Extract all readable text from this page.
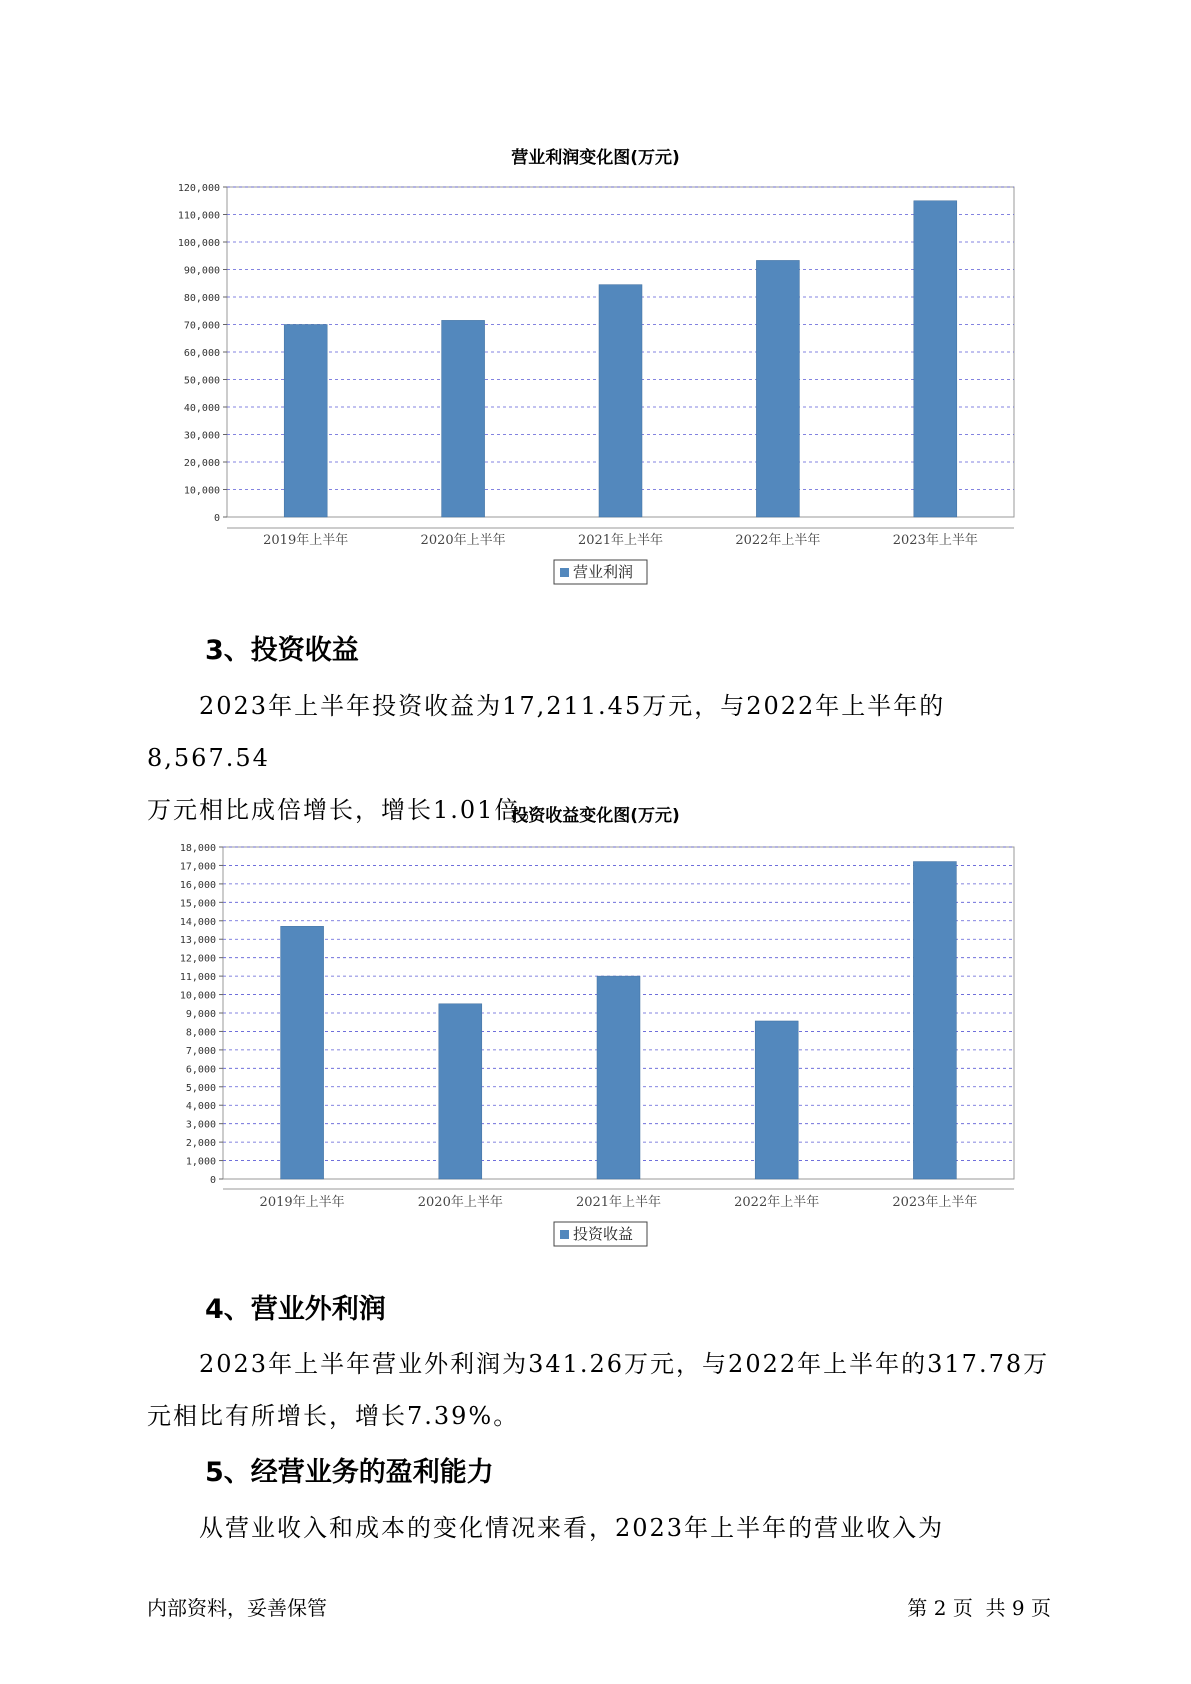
营业利润变化图(万元)
0
10,000
20,000
30,000
40,000
50,000
60,000
70,000
80,000
90,000
100,000
110,000
120,000
2019年上半年	2020年上半年	2021年上半年	2022年上半年	2023年上半年
营业利润
3、投资收益

2023年上半年投资收益为17,211.45万元，与2022年上半年的8,567.54

万元相比成倍增长，增长1.01倍。
投资收益变化图(万元)
0
1,000
2,000
3,000
4,000
5,000
6,000
7,000
8,000
9,000
10,000
11,000
12,000
13,000
14,000
15,000
16,000
17,000
18,000
2019年上半年	2020年上半年	2021年上半年	2022年上半年	2023年上半年
投资收益
4、营业外利润

2023年上半年营业外利润为341.26万元，与2022年上半年的317.78万

元相比有所增长，增长7.39%。
5、经营业务的盈利能力

从营业收入和成本的变化情况来看，2023年上半年的营业收入为

内部资料，妥善保管	第 2 页  共 9 页
